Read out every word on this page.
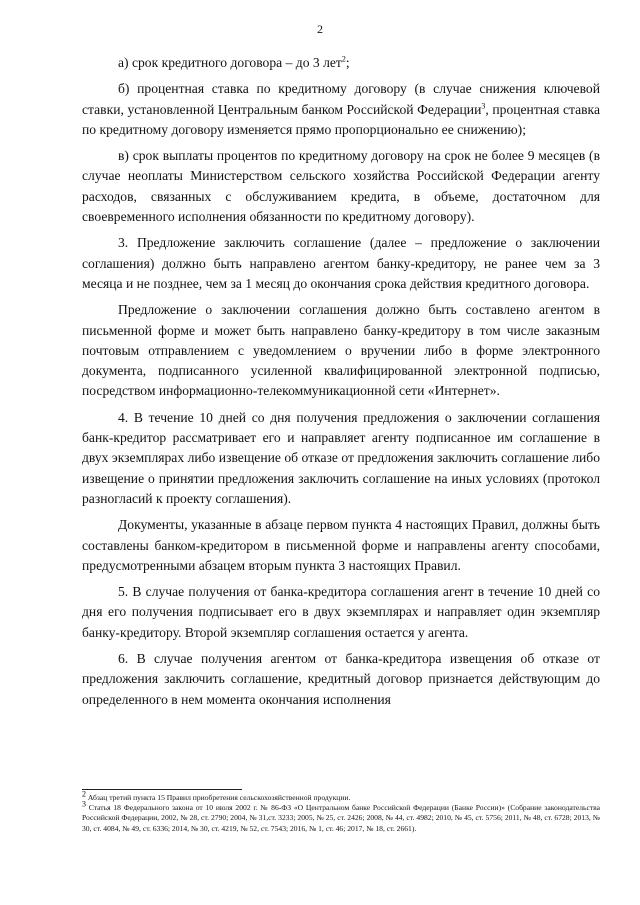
2

а) срок кредитного договора – до 3 лет$^2$;

б) процентная ставка по кредитному договору (в случае снижения ключевой ставки, установленной Центральным банком Российской Федерации$^3$, процентная ставка по кредитному договору изменяется прямо пропорционально ее снижению);

в) срок выплаты процентов по кредитному договору на срок не более 9 месяцев (в случае неоплаты Министерством сельского хозяйства Российской Федерации агенту расходов, связанных с обслуживанием кредита, в объеме, достаточном для своевременного исполнения обязанности по кредитному договору).

3. Предложение заключить соглашение (далее – предложение о заключении соглашения) должно быть направлено агентом банку-кредитору, не ранее чем за 3 месяца и не позднее, чем за 1 месяц до окончания срока действия кредитного договора.

Предложение о заключении соглашения должно быть составлено агентом в письменной форме и может быть направлено банку-кредитору в том числе заказным почтовым отправлением с уведомлением о вручении либо в форме электронного документа, подписанного усиленной квалифицированной электронной подписью, посредством информационно-телекоммуникационной сети «Интернет».

4. В течение 10 дней со дня получения предложения о заключении соглашения банк-кредитор рассматривает его и направляет агенту подписанное им соглашение в двух экземплярах либо извещение об отказе от предложения заключить соглашение либо извещение о принятии предложения заключить соглашение на иных условиях (протокол разногласий к проекту соглашения).

Документы, указанные в абзаце первом пункта 4 настоящих Правил, должны быть составлены банком-кредитором в письменной форме и направлены агенту способами, предусмотренными абзацем вторым пункта 3 настоящих Правил.

5. В случае получения от банка-кредитора соглашения агент в течение 10 дней со дня его получения подписывает его в двух экземплярах и направляет один экземпляр банку-кредитору. Второй экземпляр соглашения остается у агента.

6. В случае получения агентом от банка-кредитора извещения об отказе от предложения заключить соглашение, кредитный договор признается действующим до определенного в нем момента окончания исполнения

$^2$ Абзац третий пункта 15 Правил приобретения сельскохозяйственной продукции.

$^3$ Статья 18 Федерального закона от 10 июля 2002 г. № 86-ФЗ «О Центральном банке Российской Федерации (Банке России)» (Собрание законодательства Российской Федерации, 2002, № 28, ст. 2790; 2004, № 31,ст. 3233; 2005, № 25, ст. 2426; 2008, № 44, ст. 4982; 2010, № 45, ст. 5756; 2011, № 48, ст. 6728; 2013, № 30, ст. 4084, № 49, ст. 6336; 2014, № 30, ст. 4219, № 52, ст. 7543; 2016, № 1, ст. 46; 2017, № 18, ст. 2661).
